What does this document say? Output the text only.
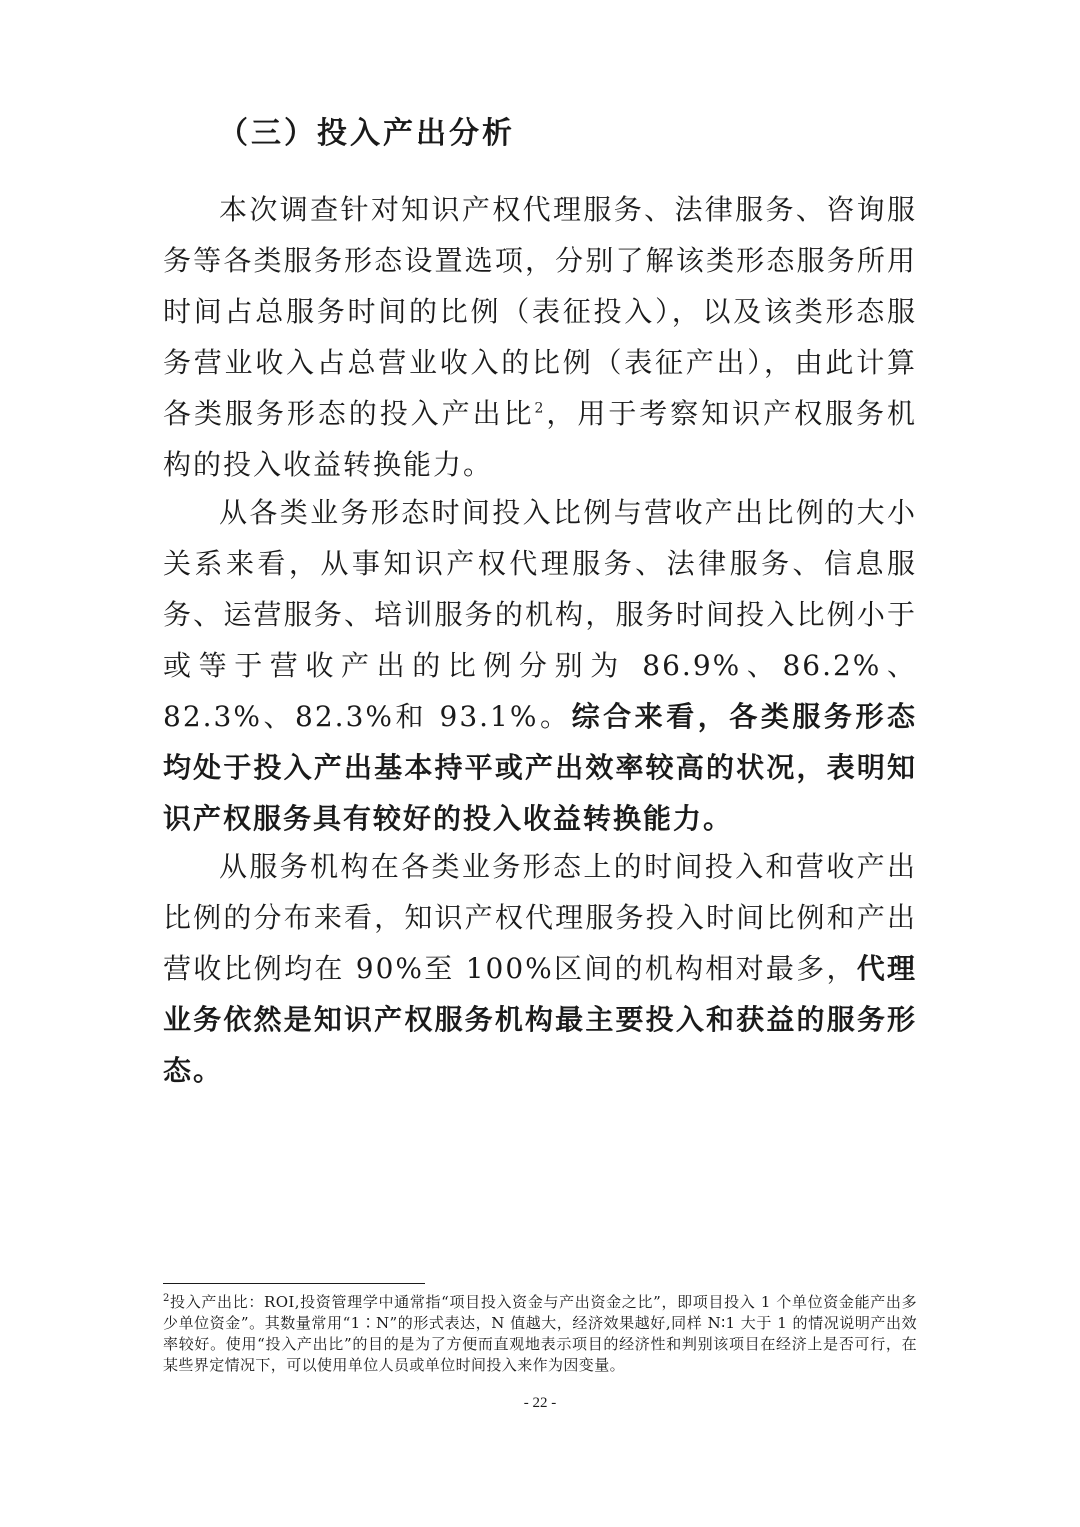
（三）投入产出分析

本次调查针对知识产权代理服务、法律服务、咨询服务等各类服务形态设置选项，分别了解该类形态服务所用时间占总服务时间的比例（表征投入），以及该类形态服务营业收入占总营业收入的比例（表征产出），由此计算各类服务形态的投入产出比$^2$，用于考察知识产权服务机构的投入收益转换能力。

从各类业务形态时间投入比例与营收产出比例的大小关系来看，从事知识产权代理服务、法律服务、信息服务、运营服务、培训服务的机构，服务时间投入比例小于或等于营收产出的比例分别为 86.9%、86.2%、82.3%、82.3%和 93.1%。综合来看，各类服务形态均处于投入产出基本持平或产出效率较高的状况，表明知识产权服务具有较好的投入收益转换能力。

从服务机构在各类业务形态上的时间投入和营收产出比例的分布来看，知识产权代理服务投入时间比例和产出营收比例均在 90%至 100%区间的机构相对最多，代理业务依然是知识产权服务机构最主要投入和获益的服务形态。

$^2$投入产出比：ROI,投资管理学中通常指“项目投入资金与产出资金之比”，即项目投入 1 个单位资金能产出多少单位资金”。其数量常用“1∶N”的形式表达，N 值越大，经济效果越好,同样 N∶1 大于 1 的情况说明产出效率较好。使用“投入产出比”的目的是为了方便而直观地表示项目的经济性和判别该项目在经济上是否可行，在某些界定情况下，可以使用单位人员或单位时间投入来作为因变量。
- 22 -
